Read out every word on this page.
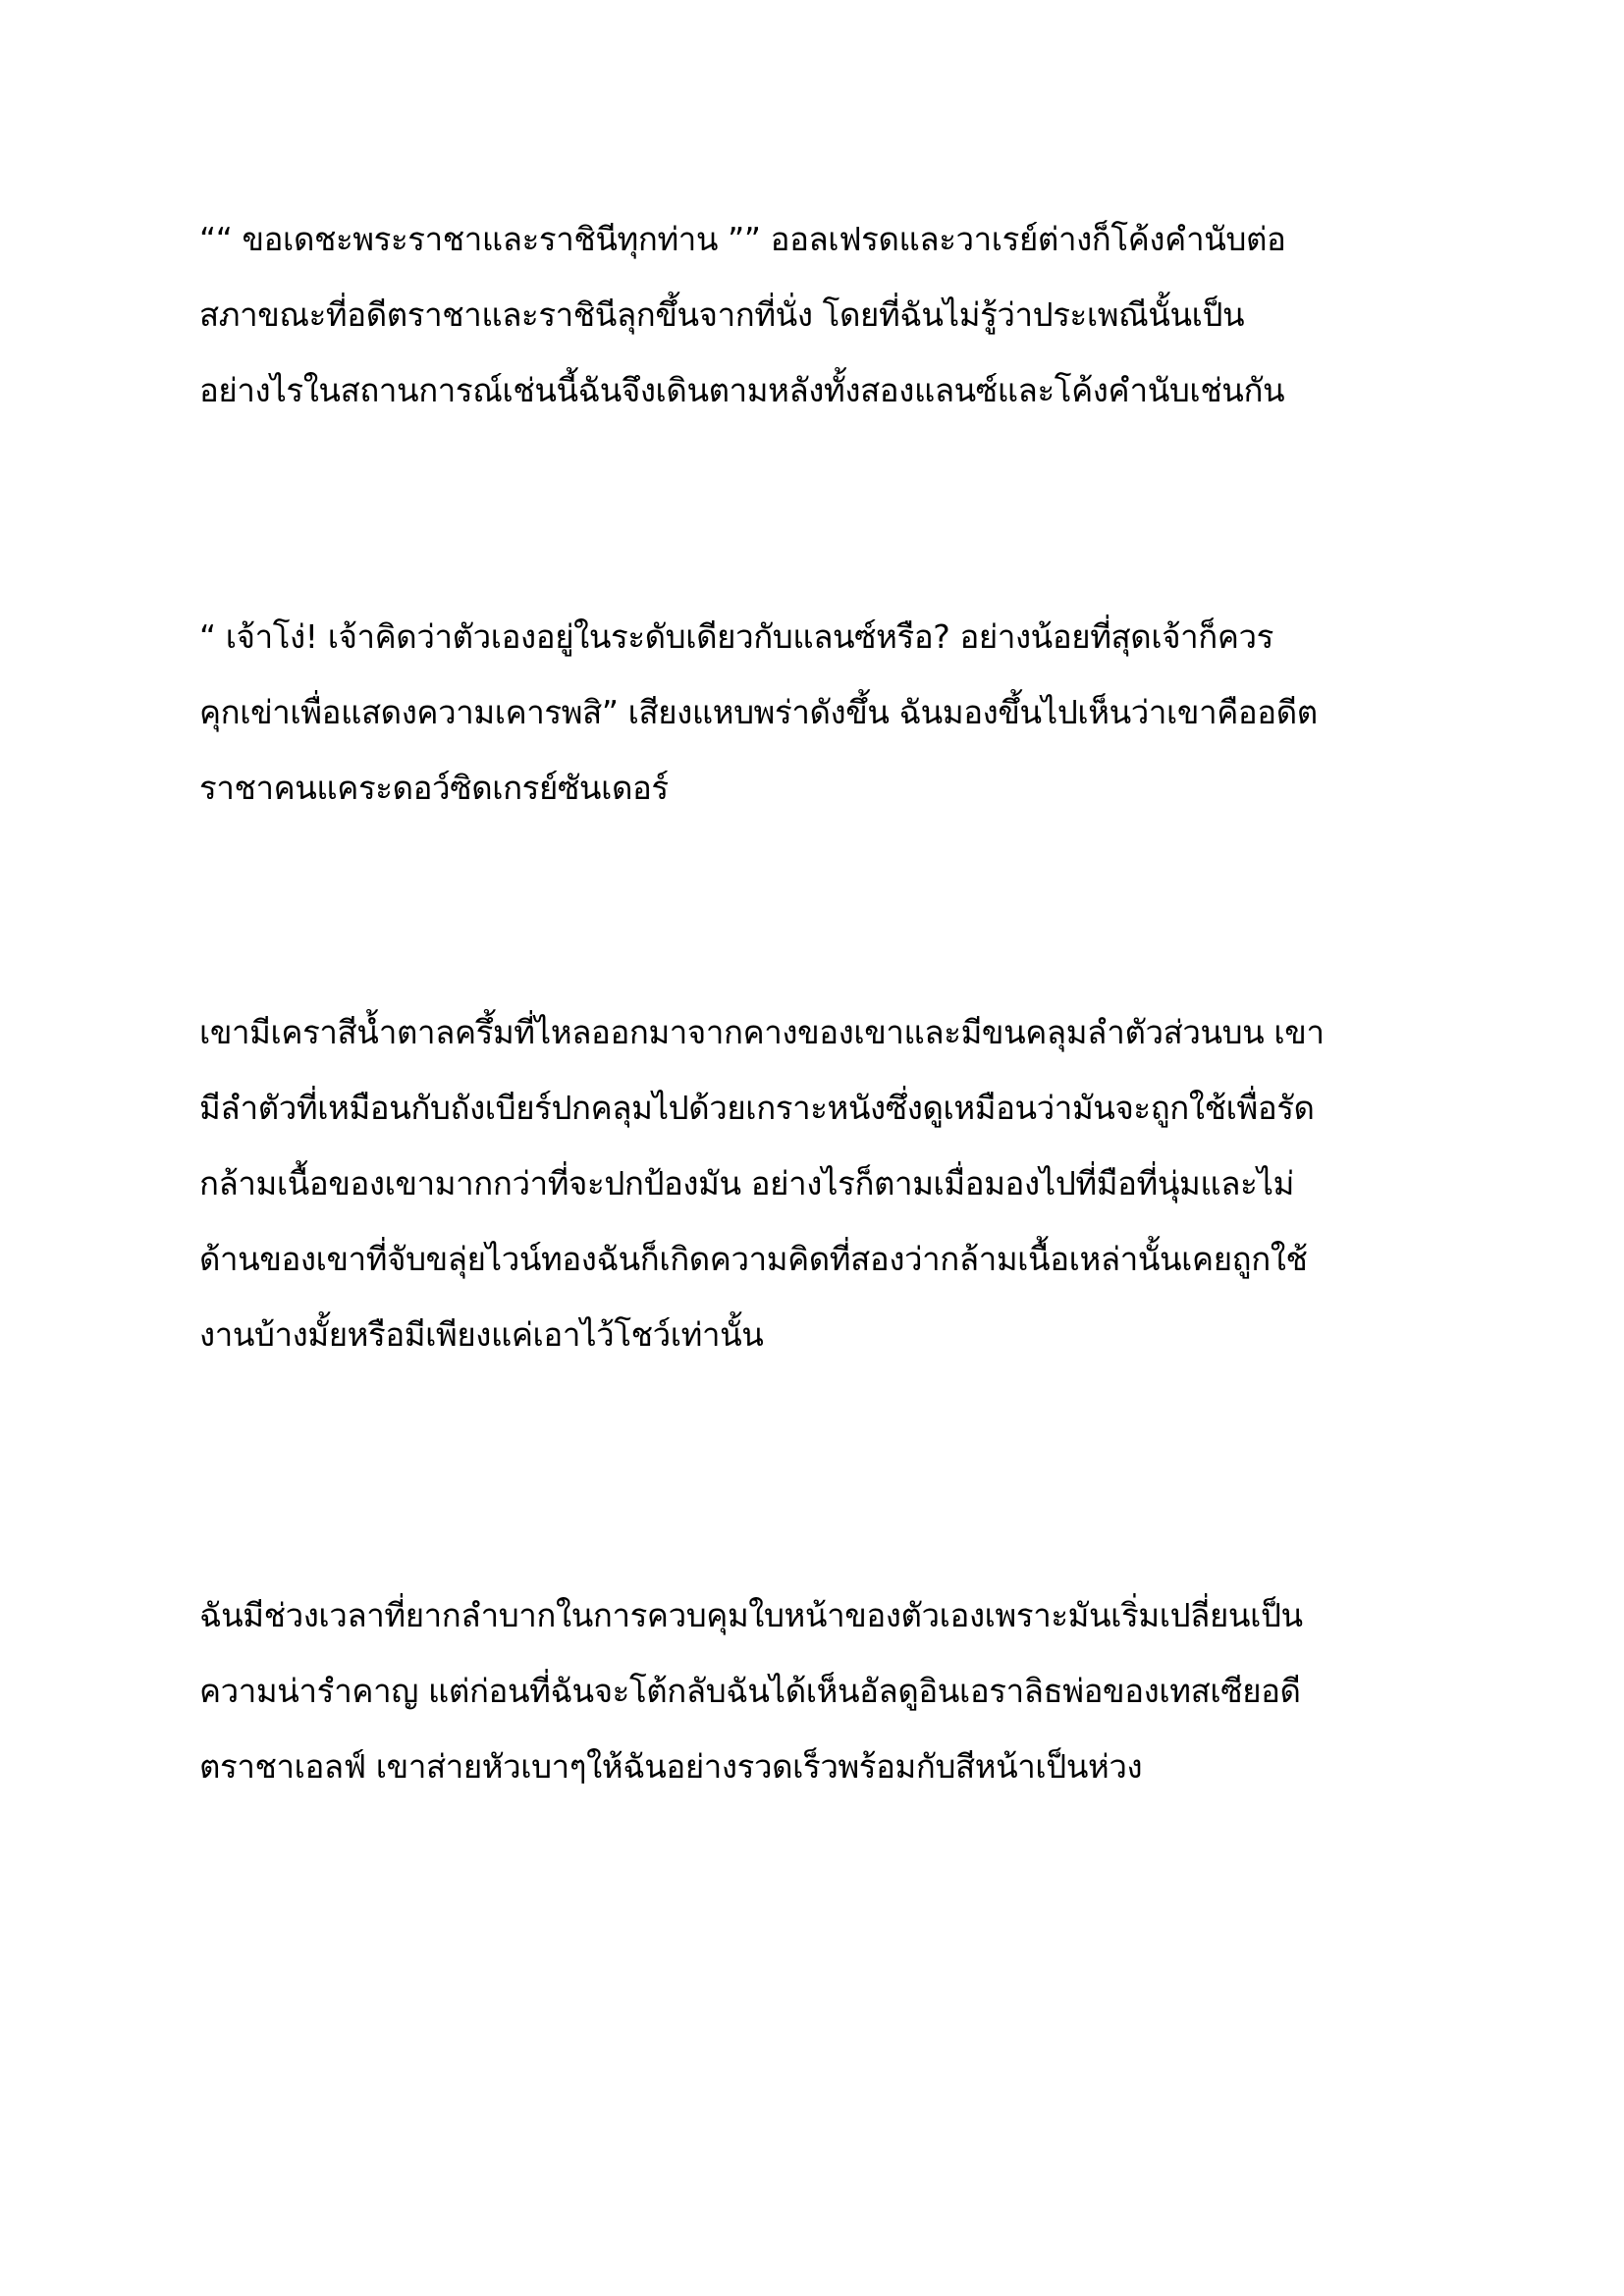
““ ขอเดชะพระราชาและราชินีทุกท่าน ”” ออลเฟรดและวาเรย์ต่างก็โค้งคำนับต่อ
สภาขณะที่อดีตราชาและราชินีลุกขึ้นจากที่นั่ง โดยที่ฉันไม่รู้ว่าประเพณีนั้นเป็น
อย่างไรในสถานการณ์เช่นนี้ฉันจึงเดินตามหลังทั้งสองแลนซ์และโค้งคำนับเช่นกัน
“ เจ้าโง่! เจ้าคิดว่าตัวเองอยู่ในระดับเดียวกับแลนซ์หรือ? อย่างน้อยที่สุดเจ้าก็ควร
คุกเข่าเพื่อแสดงความเคารพสิ” เสียงแหบพร่าดังขึ้น ฉันมองขึ้นไปเห็นว่าเขาคืออดีต
ราชาคนแคระดอว์ซิดเกรย์ซันเดอร์
เขามีเคราสีน้ำตาลครึ้มที่ไหลออกมาจากคางของเขาและมีขนคลุมลำตัวส่วนบน เขา
มีลำตัวที่เหมือนกับถังเบียร์ปกคลุมไปด้วยเกราะหนังซึ่งดูเหมือนว่ามันจะถูกใช้เพื่อรัด
กล้ามเนื้อของเขามากกว่าที่จะปกป้องมัน อย่างไรก็ตามเมื่อมองไปที่มือที่นุ่มและไม่
ด้านของเขาที่จับขลุ่ยไวน์ทองฉันก็เกิดความคิดที่สองว่ากล้ามเนื้อเหล่านั้นเคยถูกใช้
งานบ้างมั้ยหรือมีเพียงแค่เอาไว้โชว์เท่านั้น
ฉันมีช่วงเวลาที่ยากลำบากในการควบคุมใบหน้าของตัวเองเพราะมันเริ่มเปลี่ยนเป็น
ความน่ารำคาญ แต่ก่อนที่ฉันจะโต้กลับฉันได้เห็นอัลดูอินเอราลิธพ่อของเทสเซียอดี
ตราชาเอลฟ์ เขาส่ายหัวเบาๆให้ฉันอย่างรวดเร็วพร้อมกับสีหน้าเป็นห่วง
